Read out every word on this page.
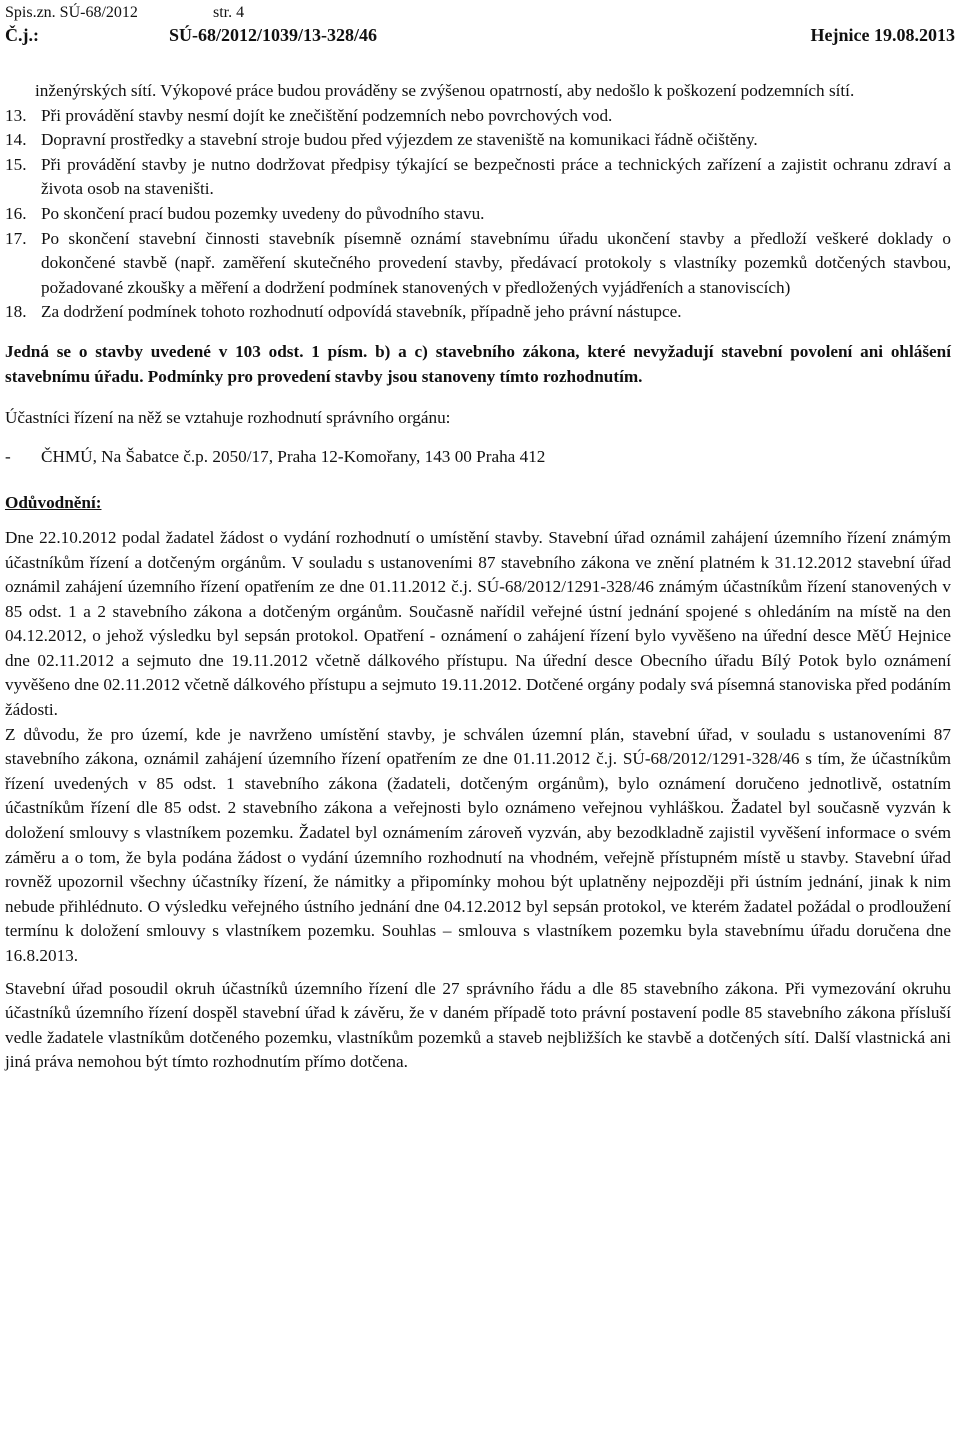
Spis.zn. SÚ-68/2012	str. 4
Č.j.:	SÚ-68/2012/1039/13-328/46	Hejnice 19.08.2013

inženýrských sítí. Výkopové práce budou prováděny se zvýšenou opatrností, aby nedošlo k poškození podzemních sítí.

13. Při provádění stavby nesmí dojít ke znečištění podzemních nebo povrchových vod.
14. Dopravní prostředky a stavební stroje budou před výjezdem ze staveniště na komunikaci řádně očištěny.
15. Při provádění stavby je nutno dodržovat předpisy týkající se bezpečnosti práce a technických zařízení a zajistit ochranu zdraví a života osob na staveništi.
16. Po skončení prací budou pozemky uvedeny do původního stavu.
17. Po skončení stavební činnosti stavebník písemně oznámí stavebnímu úřadu ukončení stavby a předloží veškeré doklady o dokončené stavbě (např. zaměření skutečného provedení stavby, předávací protokoly s vlastníky pozemků dotčených stavbou, požadované zkoušky a měření a dodržení podmínek stanovených v předložených vyjádřeních a stanoviscích)
18. Za dodržení podmínek tohoto rozhodnutí odpovídá stavebník, případně jeho právní nástupce.

Jedná se o stavby uvedené v 103 odst. 1 písm. b) a c) stavebního zákona, které nevyžadují stavební povolení ani ohlášení stavebnímu úřadu. Podmínky pro provedení stavby jsou stanoveny tímto rozhodnutím.

Účastníci řízení na něž se vztahuje rozhodnutí správního orgánu:

-	ČHMÚ, Na Šabatce č.p. 2050/17, Praha 12-Komořany, 143 00 Praha 412

Odůvodnění:

Dne 22.10.2012 podal žadatel žádost o vydání rozhodnutí o umístění stavby. Stavební úřad oznámil zahájení územního řízení známým účastníkům řízení a dotčeným orgánům. V souladu s ustanoveními 87 stavebního zákona ve znění platném k 31.12.2012 stavební úřad oznámil zahájení územního řízení opatřením ze dne 01.11.2012 č.j. SÚ-68/2012/1291-328/46 známým účastníkům řízení stanovených v 85 odst. 1 a 2 stavebního zákona a dotčeným orgánům. Současně nařídil veřejné ústní jednání spojené s ohledáním na místě na den 04.12.2012, o jehož výsledku byl sepsán protokol. Opatření - oznámení o zahájení řízení bylo vyvěšeno na úřední desce MěÚ Hejnice dne 02.11.2012 a sejmuto dne 19.11.2012 včetně dálkového přístupu. Na úřední desce Obecního úřadu Bílý Potok bylo oznámení vyvěšeno dne 02.11.2012 včetně dálkového přístupu a sejmuto 19.11.2012. Dotčené orgány podaly svá písemná stanoviska před podáním žádosti.

Z důvodu, že pro území, kde je navrženo umístění stavby, je schválen územní plán, stavební úřad, v souladu s ustanoveními 87 stavebního zákona, oznámil zahájení územního řízení opatřením ze dne 01.11.2012 č.j. SÚ-68/2012/1291-328/46 s tím, že účastníkům řízení uvedených v 85 odst. 1 stavebního zákona (žadateli, dotčeným orgánům), bylo oznámení doručeno jednotlivě, ostatním účastníkům řízení dle 85 odst. 2 stavebního zákona a veřejnosti bylo oznámeno veřejnou vyhláškou. Žadatel byl současně vyzván k doložení smlouvy s vlastníkem pozemku. Žadatel byl oznámením zároveň vyzván, aby bezodkladně zajistil vyvěšení informace o svém záměru a o tom, že byla podána žádost o vydání územního rozhodnutí na vhodném, veřejně přístupném místě u stavby. Stavební úřad rovněž upozornil všechny účastníky řízení, že námitky a připomínky mohou být uplatněny nejpozději při ústním jednání, jinak k nim nebude přihlédnuto. O výsledku veřejného ústního jednání dne 04.12.2012 byl sepsán protokol, ve kterém žadatel požádal o prodloužení termínu k doložení smlouvy s vlastníkem pozemku. Souhlas – smlouva s vlastníkem pozemku byla stavebnímu úřadu doručena dne 16.8.2013.

Stavební úřad posoudil okruh účastníků územního řízení dle 27 správního řádu a dle 85 stavebního zákona. Při vymezování okruhu účastníků územního řízení dospěl stavební úřad k závěru, že v daném případě toto právní postavení podle 85 stavebního zákona přísluší vedle žadatele vlastníkům dotčeného pozemku, vlastníkům pozemků a staveb nejbližších ke stavbě a dotčených sítí. Další vlastnická ani jiná práva nemohou být tímto rozhodnutím přímo dotčena.
